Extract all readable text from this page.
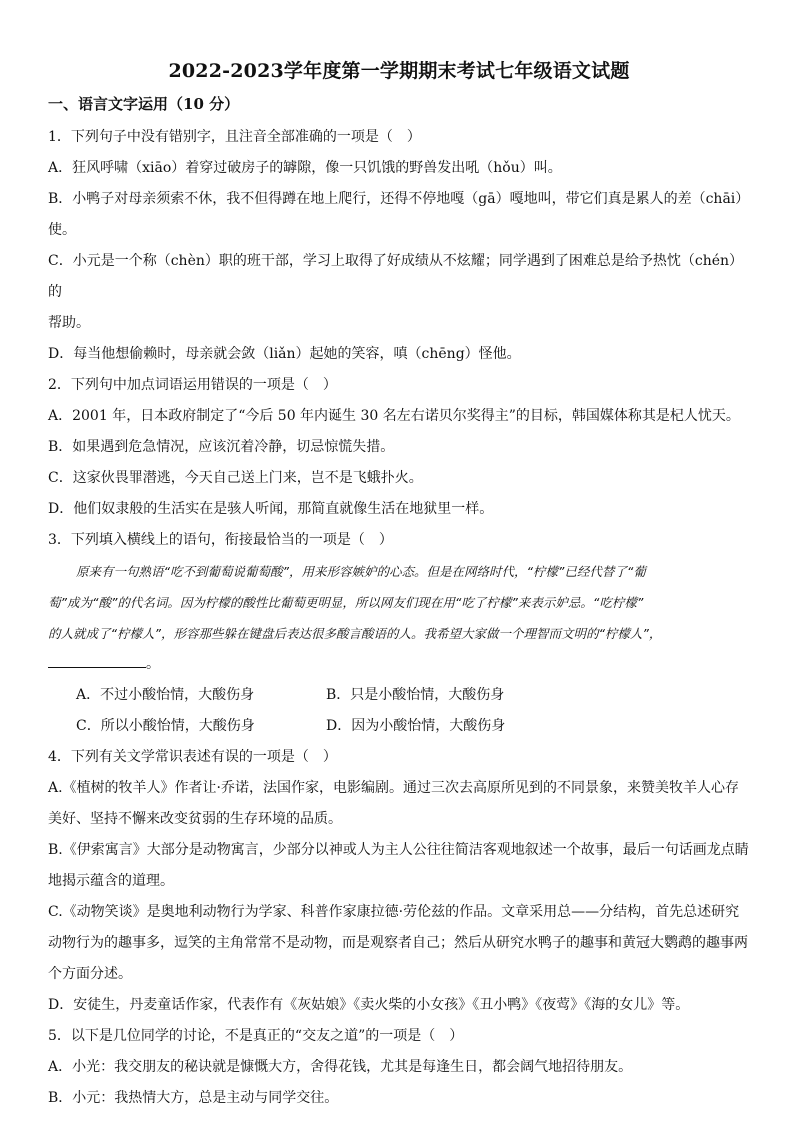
2022-2023学年度第一学期期末考试七年级语文试题
一、语言文字运用（10 分）

1．下列句子中没有错别字，且注音全部准确的一项是（　）

A．狂风呼啸（xiāo）着穿过破房子的罅隙，像一只饥饿的野兽发出吼（hǒu）叫。

B．小鸭子对母亲须索不休，我不但得蹲在地上爬行，还得不停地嘎（gā）嘎地叫，带它们真是累人的差（chāi）使。

C．小元是一个称（chèn）职的班干部，学习上取得了好成绩从不炫耀；同学遇到了困难总是给予热忱（chén）的

帮助。

D．每当他想偷赖时，母亲就会敛（liǎn）起她的笑容，嗔（chēng）怪他。

2．下列句中加点词语运用错误的一项是（　）

A．2001 年，日本政府制定了“今后 50 年内诞生 30 名左右诺贝尔奖得主”的目标，韩国媒体称其是杞人忧天。

B．如果遇到危急情况，应该沉着冷静，切忌惊慌失措。

C．这家伙畏罪潜逃，今天自己送上门来，岂不是飞蛾扑火。

D．他们奴隶般的生活实在是骇人听闻，那简直就像生活在地狱里一样。

3．下列填入横线上的语句，衔接最恰当的一项是（　）

原来有一句熟语“吃不到葡萄说葡萄酸”，用来形容嫉妒的心态。但是在网络时代，“柠檬”已经代替了“葡

萄”成为“酸”的代名词。因为柠檬的酸性比葡萄更明显，所以网友们现在用“吃了柠檬”来表示妒忌。“吃柠檬”

的人就成了“柠檬人”，形容那些躲在键盘后表达很多酸言酸语的人。我希望大家做一个理智而文明的“柠檬人”，

。

A．不过小酸怡情，大酸伤身	B．只是小酸怡情，大酸伤身
C．所以小酸怡情，大酸伤身	D．因为小酸怡情，大酸伤身

4．下列有关文学常识表述有误的一项是（　）

A.《植树的牧羊人》作者让·乔诺，法国作家，电影编剧。通过三次去高原所见到的不同景象，来赞美牧羊人心存

美好、坚持不懈来改变贫弱的生存环境的品质。

B.《伊索寓言》大部分是动物寓言，少部分以神或人为主人公往往简洁客观地叙述一个故事，最后一句话画龙点睛

地揭示蕴含的道理。

C.《动物笑谈》是奥地利动物行为学家、科普作家康拉德·劳伦兹的作品。文章采用总——分结构，首先总述研究

动物行为的趣事多，逗笑的主角常常不是动物，而是观察者自己；然后从研究水鸭子的趣事和黄冠大鹦鹉的趣事两

个方面分述。

D．安徒生，丹麦童话作家，代表作有《灰姑娘》《卖火柴的小女孩》《丑小鸭》《夜莺》《海的女儿》等。

5．以下是几位同学的讨论，不是真正的“交友之道”的一项是（　）

A．小光：我交朋友的秘诀就是慷慨大方，舍得花钱，尤其是每逢生日，都会阔气地招待朋友。

B．小元：我热情大方，总是主动与同学交往。
